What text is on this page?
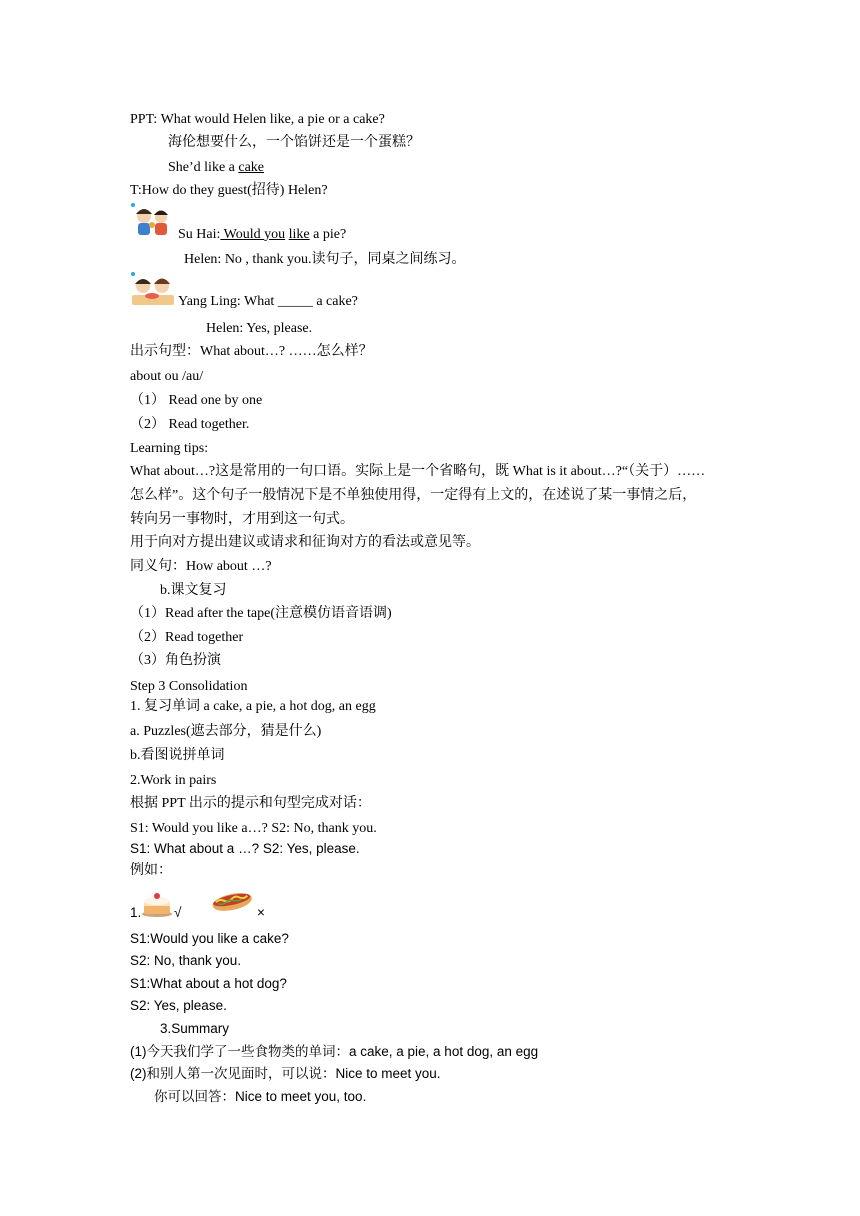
PPT: What would Helen like, a pie or a cake?
海伦想要什么，一个馅饼还是一个蛋糕？
She’d like a cake
T:How do they guest(招待) Helen?
Su Hai: Would you like a pie?
Helen: No , thank you.读句子，同桌之间练习。
Yang Ling: What _____ a cake?
Helen: Yes, please.
出示句型：What about…? ……怎么样？
about ou /au/
（1） Read one by one
（2） Read together.
Learning tips:
What about…?这是常用的一句口语。实际上是一个省略句，既 What is it about…?“（关于）……
怎么样”。这个句子一般情况下是不单独使用得，一定得有上文的，在述说了某一事情之后，
转向另一事物时，才用到这一句式。
用于向对方提出建议或请求和征询对方的看法或意见等。
同义句：How about …?
b.课文复习
（1）Read after the tape(注意模仿语音语调)
（2）Read together
（3）角色扮演
Step 3 Consolidation
1. 复习单词 a cake, a pie, a hot dog, an egg
a. Puzzles(遮去部分，猜是什么)
b.看图说拼单词
2.Work in pairs
根据 PPT 出示的提示和句型完成对话：
S1: Would you like a…? S2: No, thank you.
S1: What about a …? S2: Yes, please.
例如：
1. √	×
S1:Would you like a cake?
S2: No, thank you.
S1:What about a hot dog?
S2: Yes, please.
3.Summary
(1)今天我们学了一些食物类的单词：a cake, a pie, a hot dog, an egg
(2)和别人第一次见面时，可以说：Nice to meet you.
你可以回答：Nice to meet you, too.
